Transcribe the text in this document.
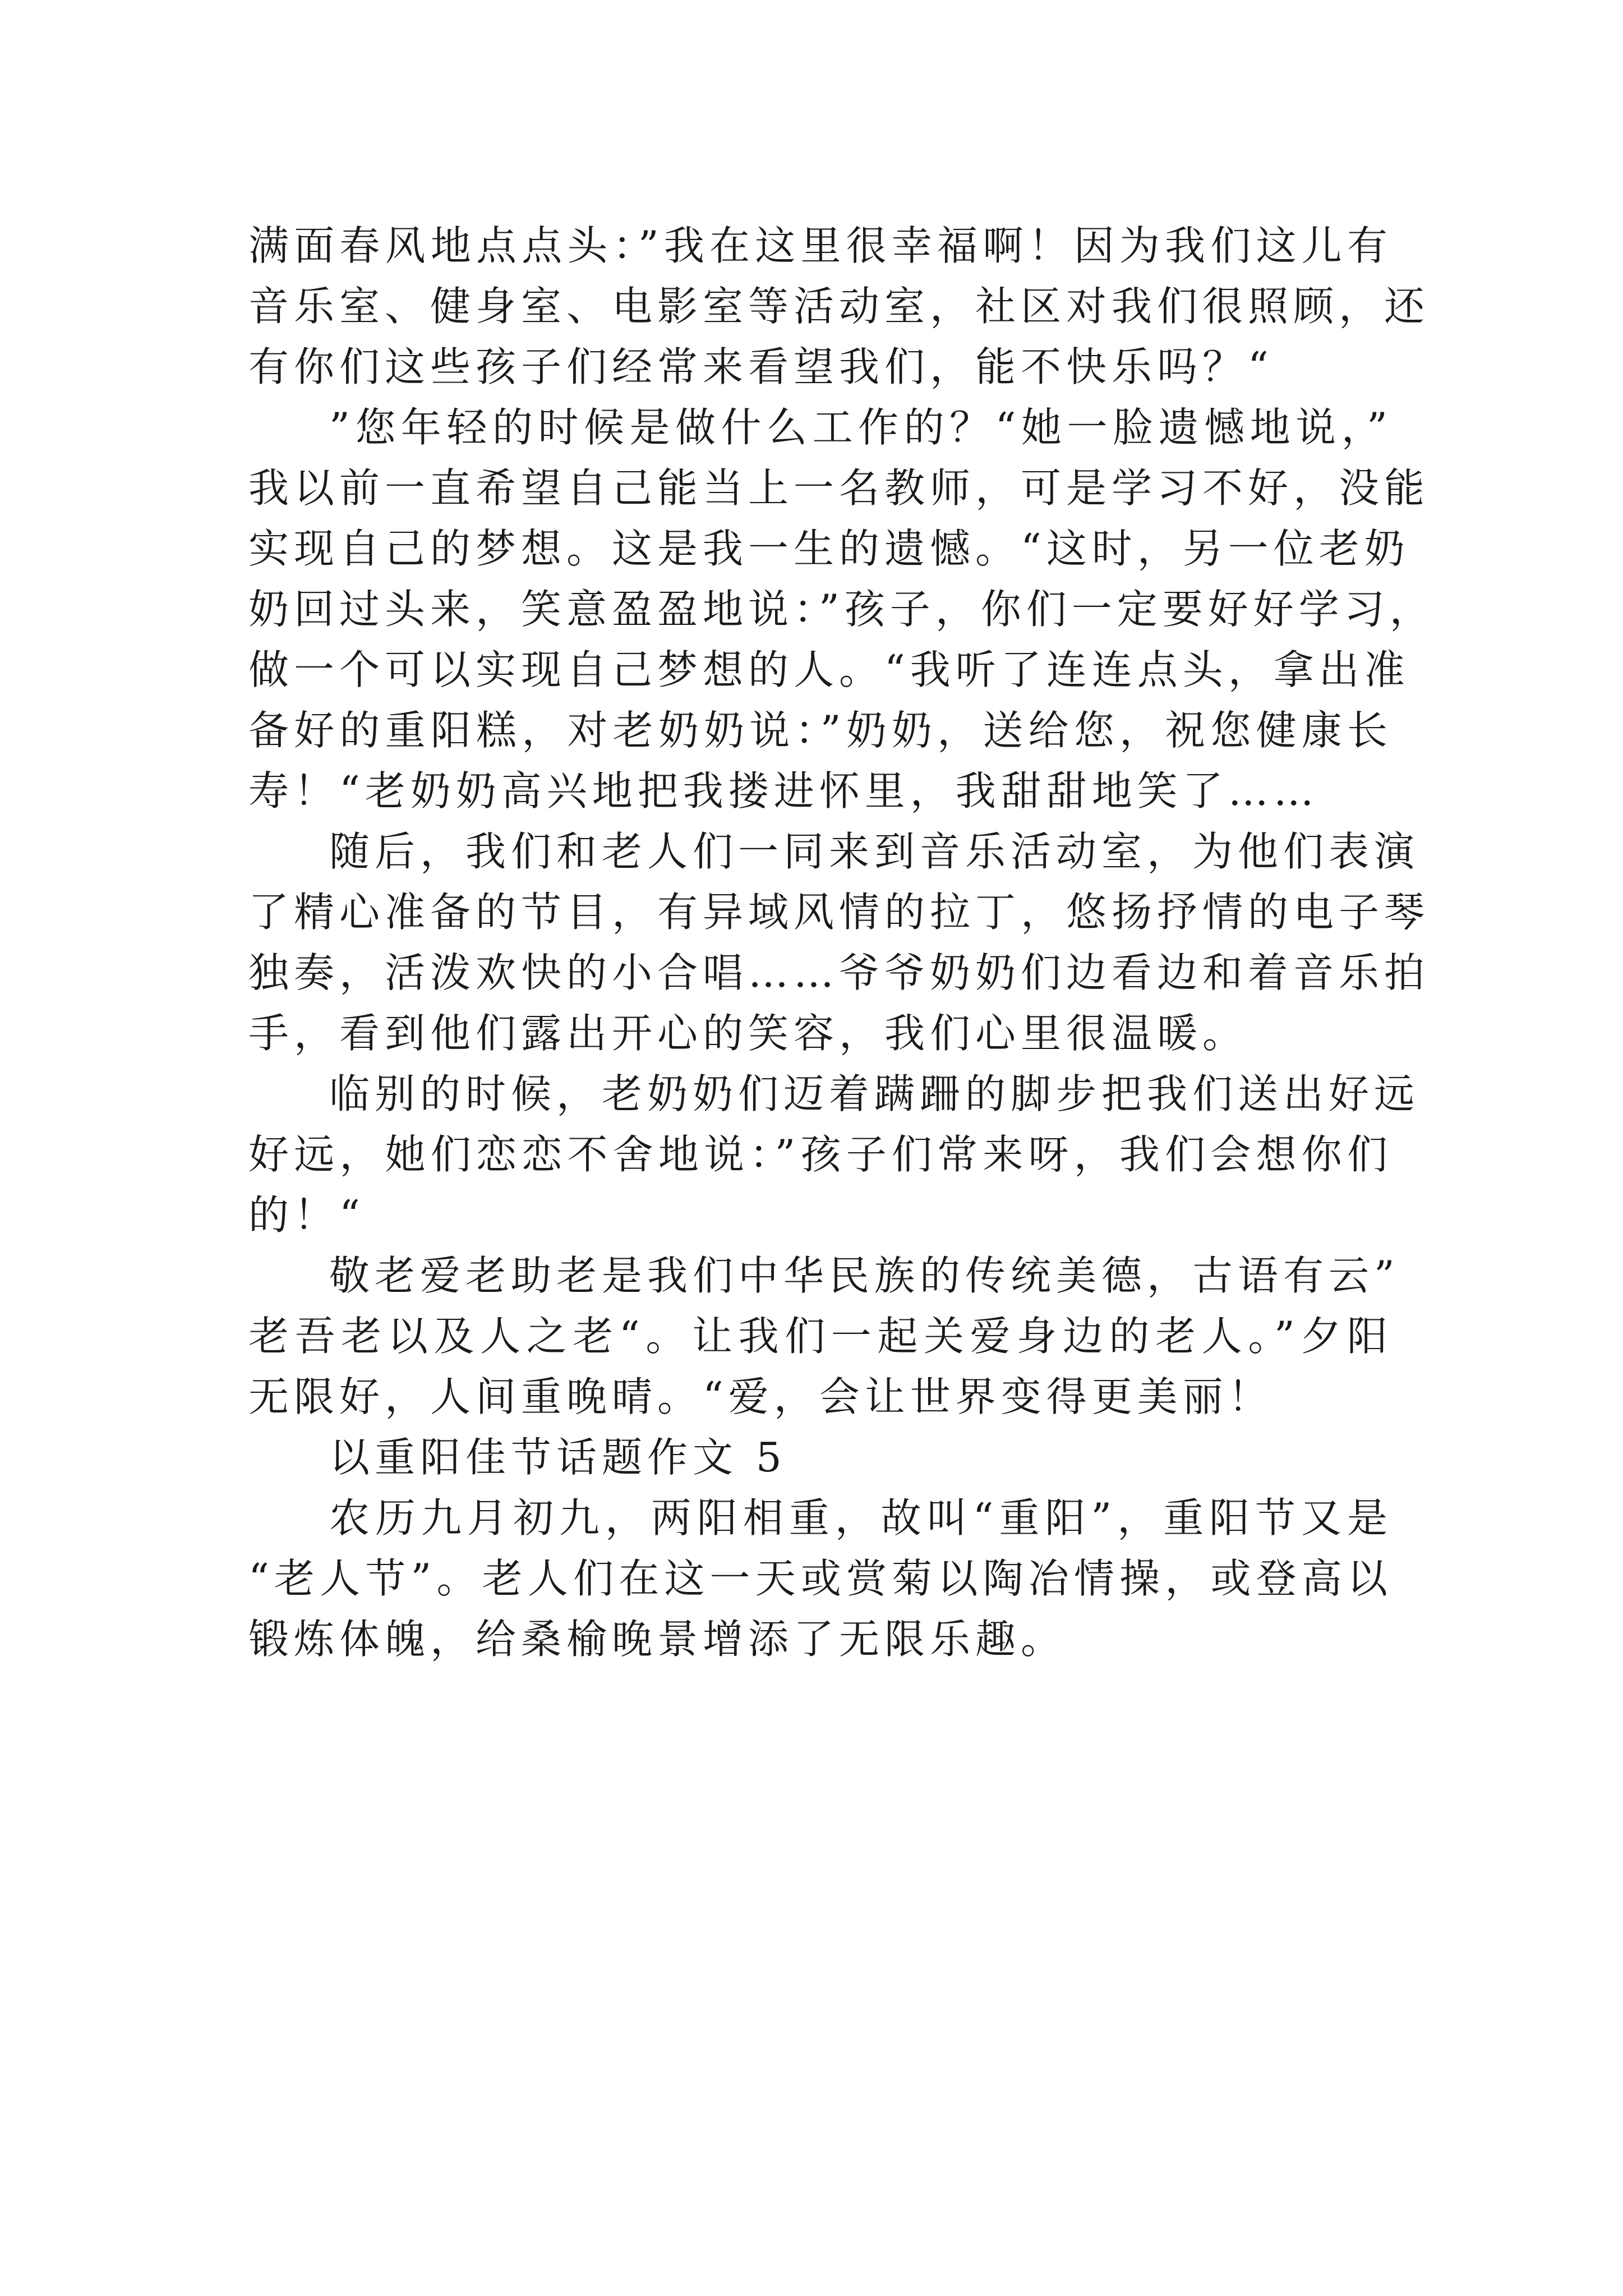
满面春风地点点头：”我在这里很幸福啊！因为我们这儿有
音乐室、健身室、电影室等活动室，社区对我们很照顾，还
有你们这些孩子们经常来看望我们，能不快乐吗？“
”您年轻的时候是做什么工作的？“她一脸遗憾地说，”
我以前一直希望自己能当上一名教师，可是学习不好，没能
实现自己的梦想。这是我一生的遗憾。“这时，另一位老奶
奶回过头来，笑意盈盈地说：”孩子，你们一定要好好学习，
做一个可以实现自己梦想的人。“我听了连连点头，拿出准
备好的重阳糕，对老奶奶说：”奶奶，送给您，祝您健康长
寿！“老奶奶高兴地把我搂进怀里，我甜甜地笑了……
随后，我们和老人们一同来到音乐活动室，为他们表演
了精心准备的节目，有异域风情的拉丁，悠扬抒情的电子琴
独奏，活泼欢快的小合唱……爷爷奶奶们边看边和着音乐拍
手，看到他们露出开心的笑容，我们心里很温暖。
临别的时候，老奶奶们迈着蹒跚的脚步把我们送出好远
好远，她们恋恋不舍地说：”孩子们常来呀，我们会想你们
的！“
敬老爱老助老是我们中华民族的传统美德，古语有云”
老吾老以及人之老“。让我们一起关爱身边的老人。”夕阳
无限好，人间重晚晴。“爱，会让世界变得更美丽！
以重阳佳节话题作文 5
农历九月初九，两阳相重，故叫“重阳”，重阳节又是
“老人节”。老人们在这一天或赏菊以陶冶情操，或登高以
锻炼体魄，给桑榆晚景增添了无限乐趣。
